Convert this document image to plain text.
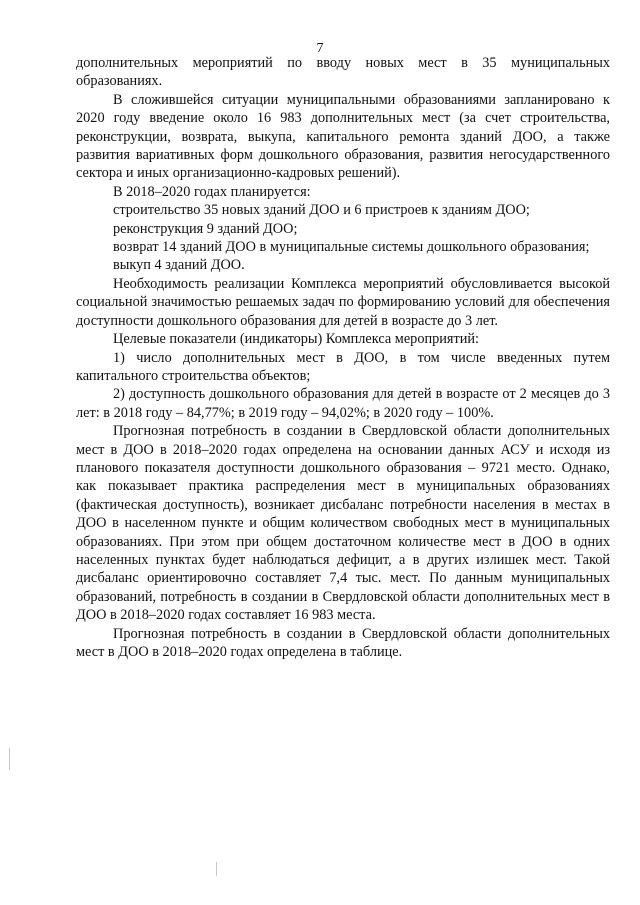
7

дополнительных мероприятий по вводу новых мест в 35 муниципальных образованиях.

В сложившейся ситуации муниципальными образованиями запланировано к 2020 году введение около 16 983 дополнительных мест (за счет строительства, реконструкции, возврата, выкупа, капитального ремонта зданий ДОО, а также развития вариативных форм дошкольного образования, развития негосударственного сектора и иных организационно-кадровых решений).

В 2018–2020 годах планируется:

строительство 35 новых зданий ДОО и 6 пристроев к зданиям ДОО;

реконструкция 9 зданий ДОО;

возврат 14 зданий ДОО в муниципальные системы дошкольного образования;

выкуп 4 зданий ДОО.

Необходимость реализации Комплекса мероприятий обусловливается высокой социальной значимостью решаемых задач по формированию условий для обеспечения доступности дошкольного образования для детей в возрасте до 3 лет.

Целевые показатели (индикаторы) Комплекса мероприятий:

1) число дополнительных мест в ДОО, в том числе введенных путем капитального строительства объектов;

2) доступность дошкольного образования для детей в возрасте от 2 месяцев до 3 лет: в 2018 году – 84,77%; в 2019 году – 94,02%; в 2020 году – 100%.

Прогнозная потребность в создании в Свердловской области дополнительных мест в ДОО в 2018–2020 годах определена на основании данных АСУ и исходя из планового показателя доступности дошкольного образования – 9721 место. Однако, как показывает практика распределения мест в муниципальных образованиях (фактическая доступность), возникает дисбаланс потребности населения в местах в ДОО в населенном пункте и общим количеством свободных мест в муниципальных образованиях. При этом при общем достаточном количестве мест в ДОО в одних населенных пунктах будет наблюдаться дефицит, а в других излишек мест. Такой дисбаланс ориентировочно составляет 7,4 тыс. мест. По данным муниципальных образований, потребность в создании в Свердловской области дополнительных мест в ДОО в 2018–2020 годах составляет 16 983 места.

Прогнозная потребность в создании в Свердловской области дополнительных мест в ДОО в 2018–2020 годах определена в таблице.
